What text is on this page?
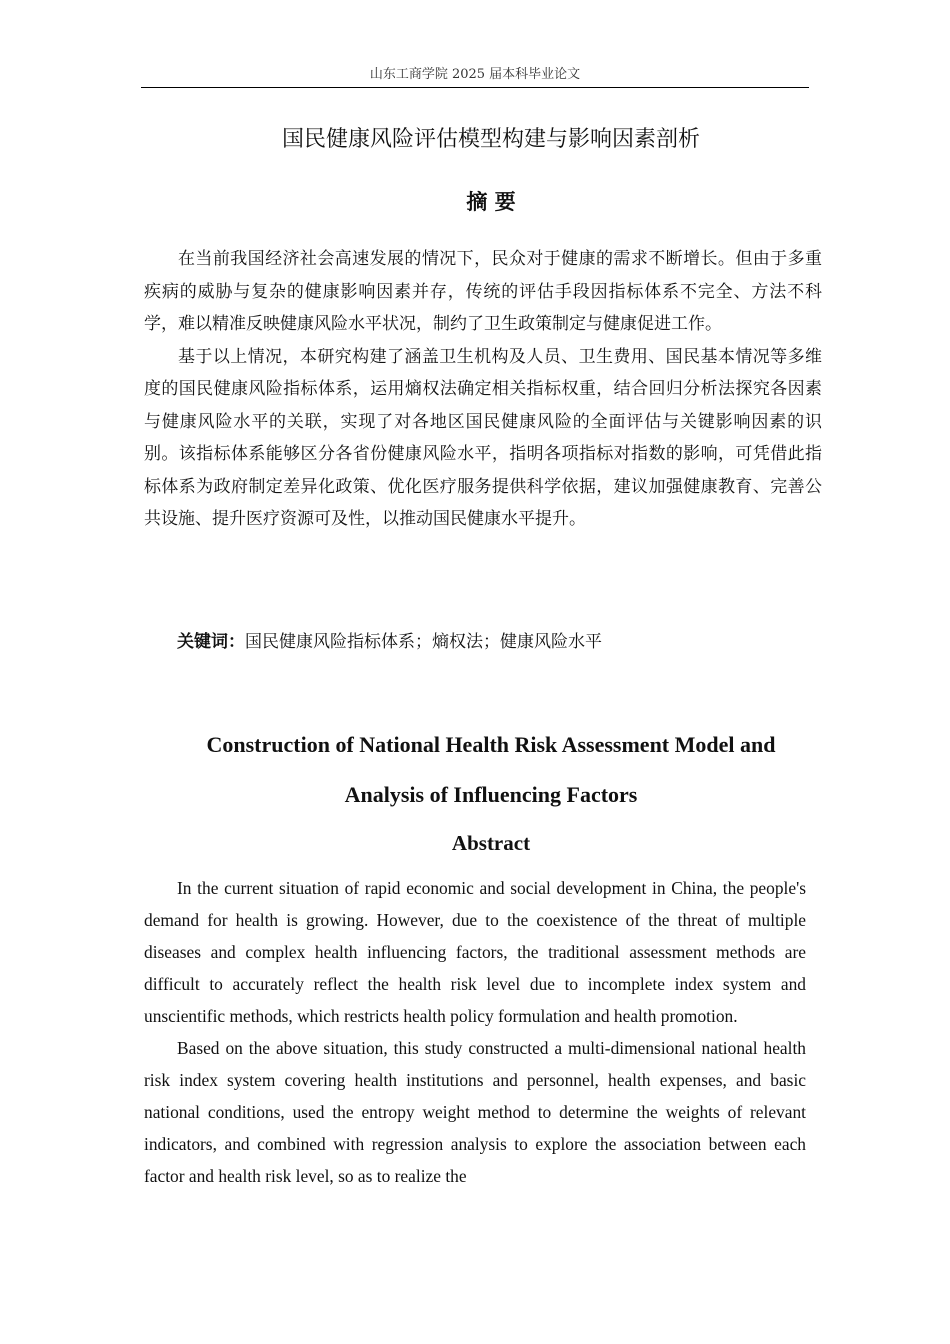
山东工商学院 2025 届本科毕业论文
国民健康风险评估模型构建与影响因素剖析
摘 要

在当前我国经济社会高速发展的情况下，民众对于健康的需求不断增长。但由于多重疾病的威胁与复杂的健康影响因素并存，传统的评估手段因指标体系不完全、方法不科学，难以精准反映健康风险水平状况，制约了卫生政策制定与健康促进工作。

基于以上情况，本研究构建了涵盖卫生机构及人员、卫生费用、国民基本情况等多维度的国民健康风险指标体系，运用熵权法确定相关指标权重，结合回归分析法探究各因素与健康风险水平的关联，实现了对各地区国民健康风险的全面评估与关键影响因素的识别。该指标体系能够区分各省份健康风险水平，指明各项指标对指数的影响，可凭借此指标体系为政府制定差异化政策、优化医疗服务提供科学依据，建议加强健康教育、完善公共设施、提升医疗资源可及性，以推动国民健康水平提升。

关键词：国民健康风险指标体系；熵权法；健康风险水平
Construction of National Health Risk Assessment Model and
Analysis of Influencing Factors
Abstract

In the current situation of rapid economic and social development in China, the people's demand for health is growing. However, due to the coexistence of the threat of multiple diseases and complex health influencing factors, the traditional assessment methods are difficult to accurately reflect the health risk level due to incomplete index system and unscientific methods, which restricts health policy formulation and health promotion.

Based on the above situation, this study constructed a multi-dimensional national health risk index system covering health institutions and personnel, health expenses, and basic national conditions, used the entropy weight method to determine the weights of relevant indicators, and combined with regression analysis to explore the association between each factor and health risk level, so as to realize the
